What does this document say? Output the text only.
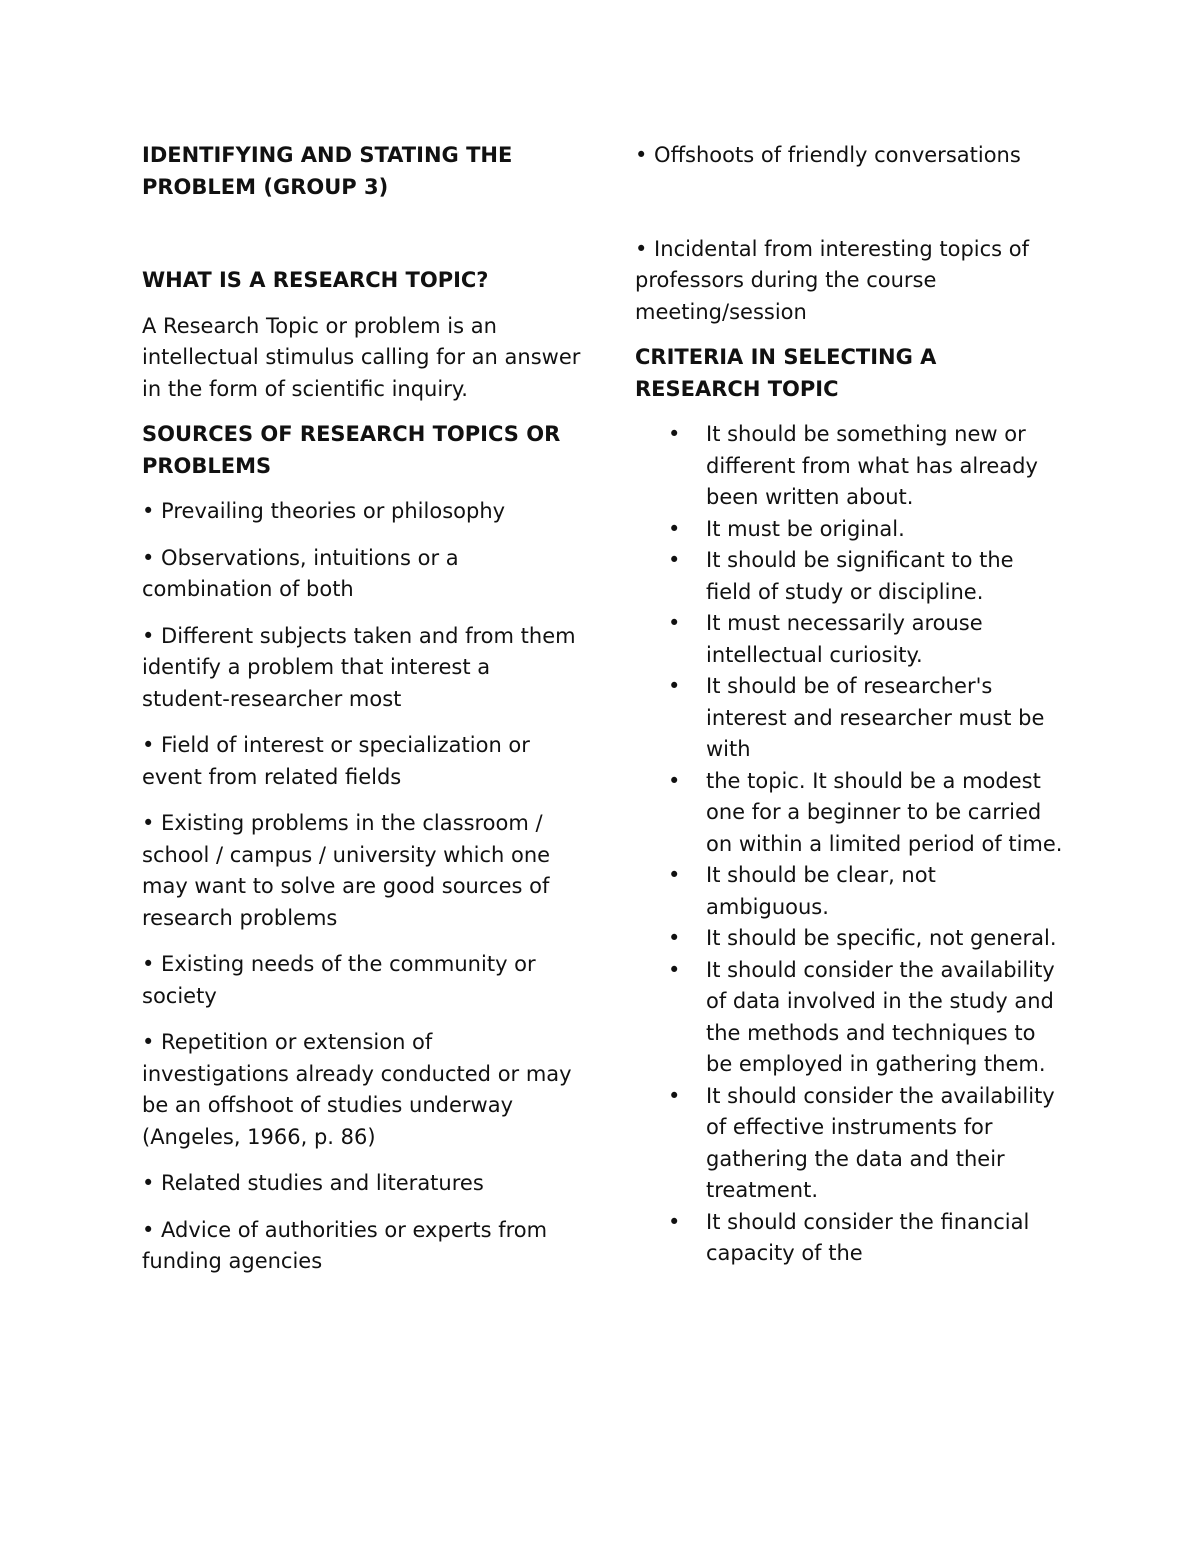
IDENTIFYING AND STATING THE PROBLEM (GROUP 3)
WHAT IS A RESEARCH TOPIC?
A Research Topic or problem is an intellectual stimulus calling for an answer in the form of scientific inquiry.
SOURCES OF RESEARCH TOPICS OR PROBLEMS
• Prevailing theories or philosophy
• Observations, intuitions or a combination of both
• Different subjects taken and from them identify a problem that interest a student-researcher most
• Field of interest or specialization or event from related fields
• Existing problems in the classroom / school / campus / university which one may want to solve are good sources of research problems
• Existing needs of the community or society
• Repetition or extension of investigations already conducted or may be an offshoot of studies underway (Angeles, 1966, p. 86)
• Related studies and literatures
• Advice of authorities or experts from funding agencies
• Offshoots of friendly conversations
• Incidental from interesting topics of professors during the course meeting/session
CRITERIA IN SELECTING A RESEARCH TOPIC
• It should be something new or different from what has already been written about.
• It must be original.
• It should be significant to the field of study or discipline.
• It must necessarily arouse intellectual curiosity.
• It should be of researcher's interest and researcher must be with
• the topic. It should be a modest one for a beginner to be carried on within a limited period of time.
• It should be clear, not ambiguous.
• It should be specific, not general.
• It should consider the availability of data involved in the study and the methods and techniques to be employed in gathering them.
• It should consider the availability of effective instruments for gathering the data and their treatment.
• It should consider the financial capacity of the
